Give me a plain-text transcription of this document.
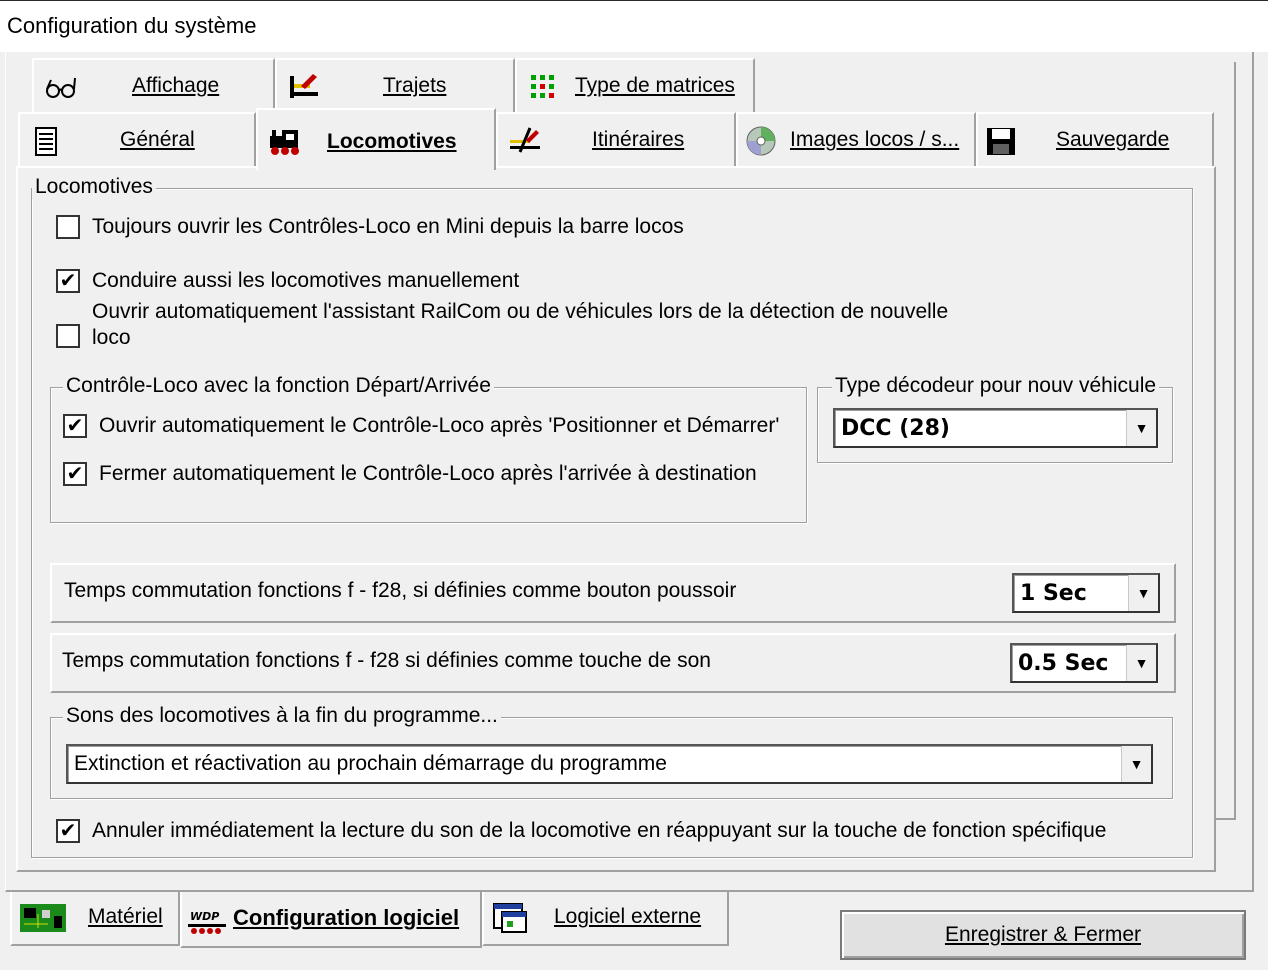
Configuration du système
Affichage	Trajets	Type de matrices
Général	Locomotives	Itinéraires	Images locos / s...	Sauvegarde
Locomotives
Toujours ouvrir les Contrôles-Loco en Mini depuis la barre locos
✔
Conduire aussi les locomotives manuellement
Ouvrir automatiquement l'assistant RailCom ou de véhicules lors de la détection de nouvelle
loco
Contrôle-Loco avec la fonction Départ/Arrivée
✔
Ouvrir automatiquement le Contrôle-Loco après 'Positionner et Démarrer'
✔
Fermer automatiquement le Contrôle-Loco après l'arrivée à destination
Type décodeur pour nouv véhicule
DCC (28)	▼
Temps commutation fonctions f - f28, si définies comme bouton poussoir	1 Sec	▼
Temps commutation fonctions f - f28 si définies comme touche de son	0.5 Sec	▼
Sons des locomotives à la fin du programme...
Extinction et réactivation au prochain démarrage du programme	▼
✔
Annuler immédiatement la lecture du son de la locomotive en réappuyant sur la touche de fonction spécifique
Matériel WDP Configuration logiciel	Logiciel externe
Enregistrer & Fermer
